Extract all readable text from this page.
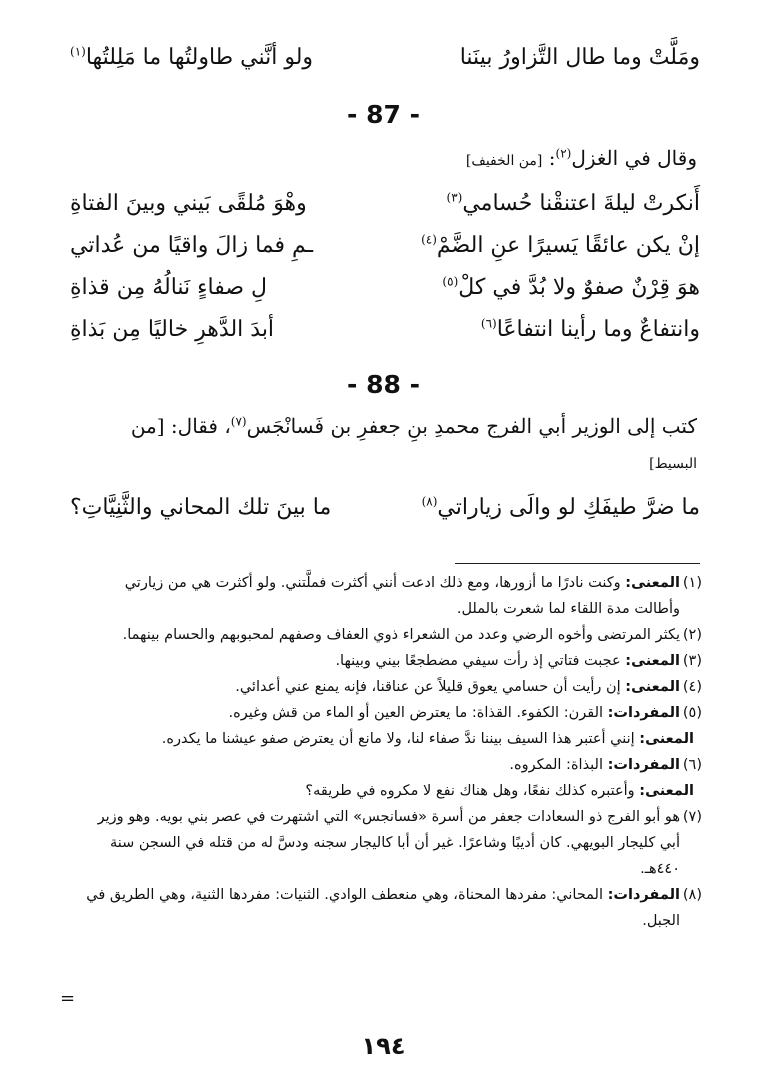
ومَلَّتْ وما طال التَّزاورُ بينَنا
ولو أنَّني طاولتُها ما مَلِلتُها$^{(١)}$
- 87 -
وقال في الغزل$^{(٢)}$: [من الخفيف]
أَنكرتْ ليلةَ اعتنقْنا حُسامي$^{(٣)}$
وهْوَ مُلقًى بَيني وبينَ الفتاةِ
إنْ يكن عائقًا يَسيرًا عنِ الضَّمْ$^{(٤)}$
ـمِ فما زالَ واقيًا من عُداتي
هوَ قِرْنٌ صفوٌ ولا بُدَّ في كلْ$^{(٥)}$
لِ صفاءٍ نَنالُهُ مِن قذاةِ
وانتفاعٌ وما رأينا انتفاعًا$^{(٦)}$
أبدَ الدَّهرِ خاليًا مِن بَذاةِ
- 88 -
كتب إلى الوزير أبي الفرج محمدِ بنِ جعفرِ بن فَسانْجَس$^{(٧)}$، فقال: [من
البسيط]
ما ضرَّ طيفَكِ لو والَى زياراتي$^{(٨)}$
ما بينَ تلك المحاني والثَّنِيَّاتِ؟
(١)
المعنى: وكنت نادرًا ما أزورها، ومع ذلك ادعت أنني أكثرت فملَّتني. ولو أكثرت هي من زيارتي وأطالت مدة اللقاء لما شعرت بالملل.
(٢)
يكثر المرتضى وأخوه الرضي وعدد من الشعراء ذوي العفاف وصفهم لمحبوبهم والحسام بينهما.
(٣)
المعنى: عجبت فتاتي إذ رأت سيفي مضطجعًا بيني وبينها.
(٤)
المعنى: إن رأيت أن حسامي يعوق قليلاً عن عناقنا، فإنه يمنع عني أعدائي.
(٥)
المفردات: القرن: الكفوء. القذاة: ما يعترض العين أو الماء من قش وغيره.
المعنى: إنني أعتبر هذا السيف بيننا ندَّ صفاء لنا، ولا مانع أن يعترض صفو عيشنا ما يكدره.
(٦)
المفردات: البذاة: المكروه.
المعنى: وأعتبره كذلك نفعًا، وهل هناك نفع لا مكروه في طريقه؟
(٧)
هو أبو الفرج ذو السعادات جعفر من أسرة «فسانجس» التي اشتهرت في عصر بني بويه. وهو وزير أبي كليجار البويهي. كان أديبًا وشاعرًا. غير أن أبا كاليجار سجنه ودسَّ له من قتله في السجن سنة ٤٤٠هـ.
(٨)
المفردات: المحاني: مفردها المحناة، وهي منعطف الوادي. الثنيات: مفردها الثنية، وهي الطريق في الجبل.
=
١٩٤
